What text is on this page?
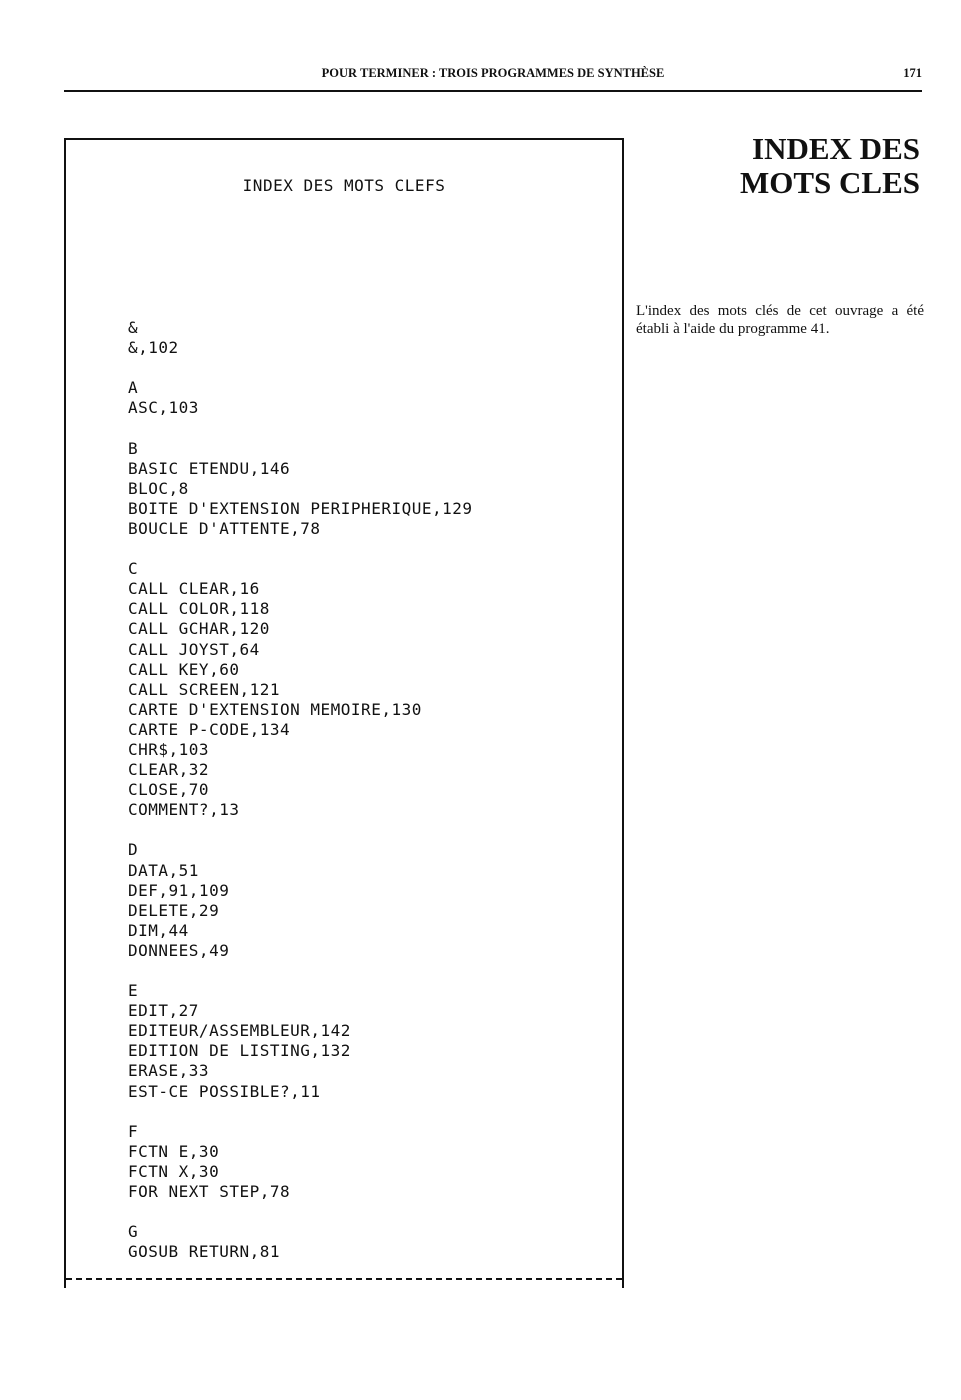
POUR TERMINER : TROIS PROGRAMMES DE SYNTHÈSE	171
INDEX DES MOTS CLEFS
&
&,102
A
ASC,103
B
BASIC ETENDU,146
BLOC,8
BOITE D'EXTENSION PERIPHERIQUE,129
BOUCLE D'ATTENTE,78
C
CALL CLEAR,16
CALL COLOR,118
CALL GCHAR,120
CALL JOYST,64
CALL KEY,60
CALL SCREEN,121
CARTE D'EXTENSION MEMOIRE,130
CARTE P-CODE,134
CHR$,103
CLEAR,32
CLOSE,70
COMMENT?,13
D
DATA,51
DEF,91,109
DELETE,29
DIM,44
DONNEES,49
E
EDIT,27
EDITEUR/ASSEMBLEUR,142
EDITION DE LISTING,132
ERASE,33
EST-CE POSSIBLE?,11
F
FCTN E,30
FCTN X,30
FOR NEXT STEP,78
G
GOSUB RETURN,81
INDEX DES
MOTS CLES
L'index des mots clés de cet ouvrage a été établi à l'aide du programme 41.
